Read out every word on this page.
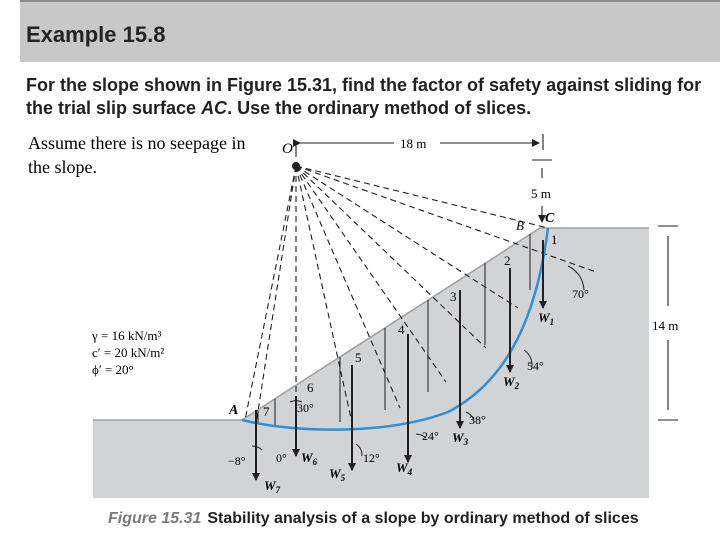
Example 15.8
For the slope shown in Figure 15.31, find the factor of safety against sliding for the trial slip surface AC. Use the ordinary method of slices.
Assume there is no seepage in the slope.
O	18 m
5 m
14 m
A
B C
1
2
3
4
5
6
7
$W_1$
$W_2$
$W_3$
$W_4$
$W_5$
$W_6$
$W_7$
70°
54°
38°
24°
12°
0°
30°
−8°
γ = 16 kN/m³
c′ = 20 kN/m²
ϕ′ = 20°
Figure 15.31 Stability analysis of a slope by ordinary method of slices
